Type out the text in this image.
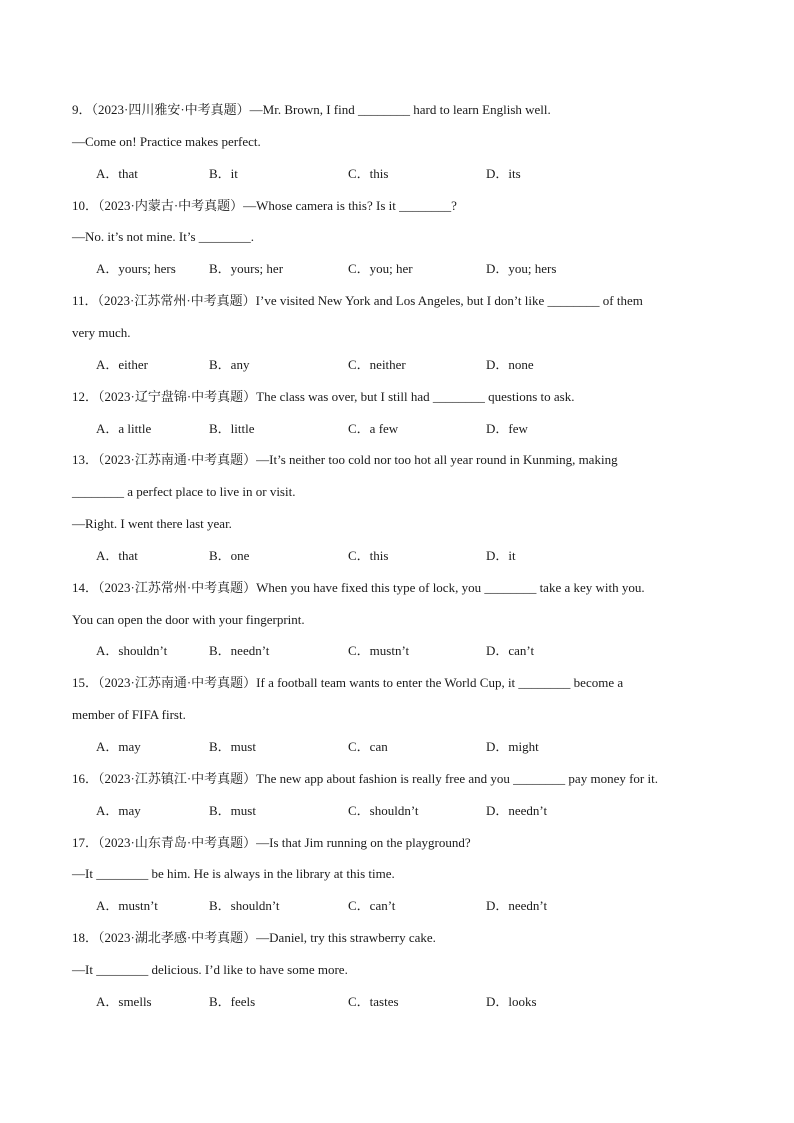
9．（2023·四川雅安·中考真题）—Mr. Brown, I find ________ hard to learn English well.
—Come on! Practice makes perfect.
A．that	B．it	C．this	D．its
10．（2023·内蒙古·中考真题）—Whose camera is this? Is it ________?
—No. it’s not mine. It’s ________.
A．yours; hers	B．yours; her	C．you; her	D．you; hers
11．（2023·江苏常州·中考真题）I’ve visited New York and Los Angeles, but I don’t like ________ of them
very much.
A．either	B．any	C．neither	D．none
12．（2023·辽宁盘锦·中考真题）The class was over, but I still had ________ questions to ask.
A．a little	B．little	C．a few	D．few
13．（2023·江苏南通·中考真题）—It’s neither too cold nor too hot all year round in Kunming, making
________ a perfect place to live in or visit.
—Right. I went there last year.
A．that	B．one	C．this	D．it
14．（2023·江苏常州·中考真题）When you have fixed this type of lock, you ________ take a key with you.
You can open the door with your fingerprint.
A．shouldn’t	B．needn’t	C．mustn’t	D．can’t
15．（2023·江苏南通·中考真题）If a football team wants to enter the World Cup, it ________ become a
member of FIFA first.
A．may	B．must	C．can	D．might
16．（2023·江苏镇江·中考真题）The new app about fashion is really free and you ________ pay money for it.
A．may	B．must	C．shouldn’t	D．needn’t
17．（2023·山东青岛·中考真题）—Is that Jim running on the playground?
—It ________ be him. He is always in the library at this time.
A．mustn’t	B．shouldn’t	C．can’t	D．needn’t
18．（2023·湖北孝感·中考真题）—Daniel, try this strawberry cake.
—It ________ delicious. I’d like to have some more.
A．smells	B．feels	C．tastes	D．looks
